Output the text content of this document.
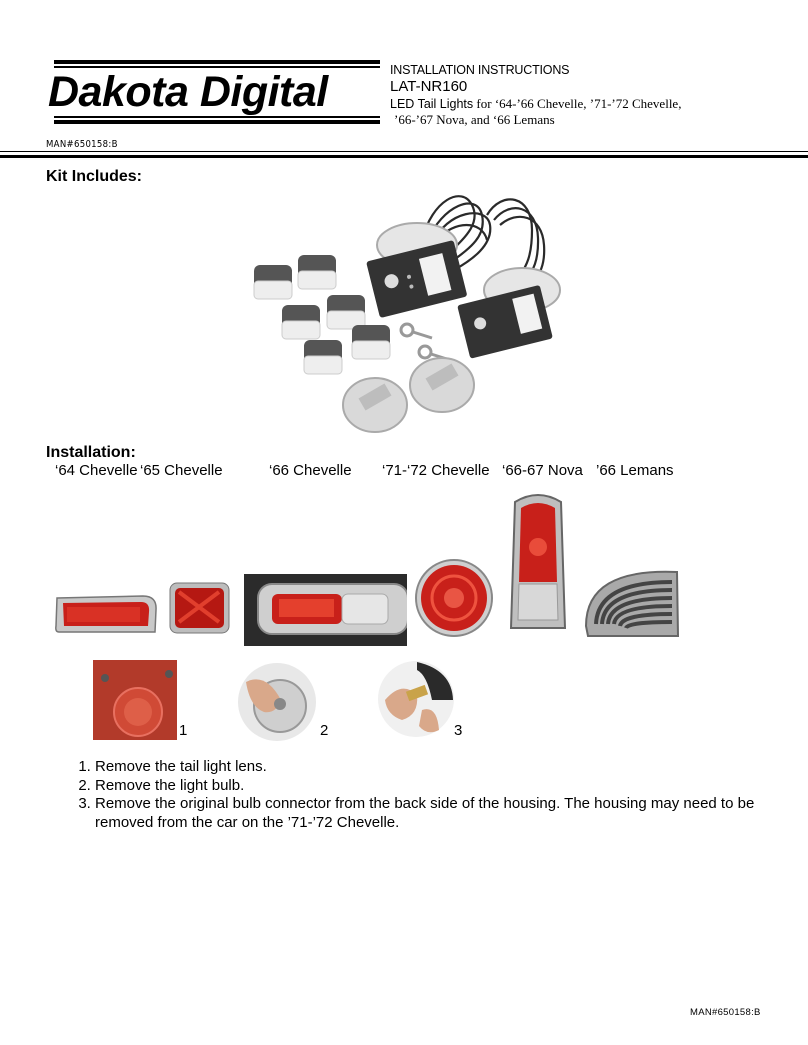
Dakota Digital	INSTALLATION INSTRUCTIONS
LAT-NR160
LED Tail Lights for ‘64-’66 Chevelle, ’71-’72 Chevelle,
’66-’67 Nova, and ‘66 Lemans
MAN#650158:B
Kit Includes:
Installation:

‘64 Chevelle

‘65 Chevelle

	‘66 Chevelle

‘71-‘72 Chevelle

‘66-67 Nova

’66 Lemans

1	2	3
1. Remove the tail light lens.
2. Remove the light bulb.
3. Remove the original bulb connector from the back side of the housing. The housing may need to be removed from the car on the ’71-’72 Chevelle.
MAN#650158:B
